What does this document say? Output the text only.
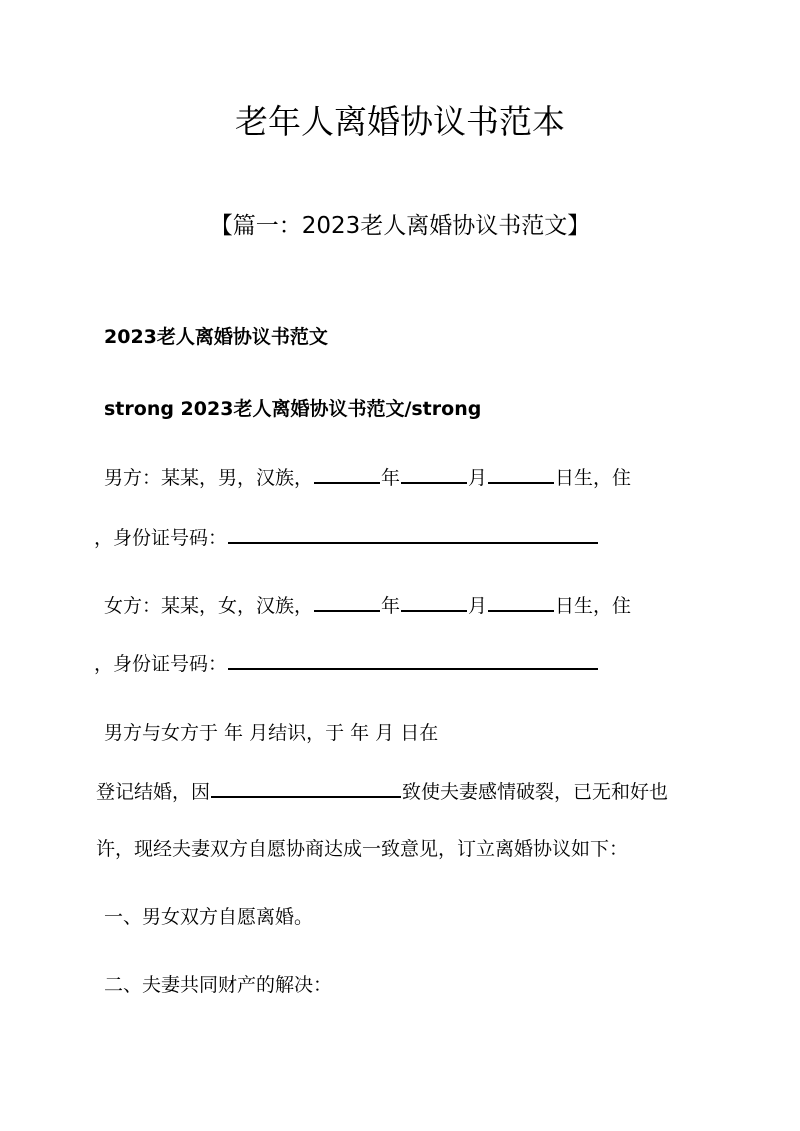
老年人离婚协议书范本
【篇一：2023老人离婚协议书范文】
2023老人离婚协议书范文
strong 2023老人离婚协议书范文/strong
男方：某某，男，汉族，	年	月	日生，住
，身份证号码：
女方：某某，女，汉族，	年	月	日生，住
，身份证号码：
男方与女方于 年 月结识，于 年 月 日在
登记结婚，因	致使夫妻感情破裂，已无和好也
许，现经夫妻双方自愿协商达成一致意见，订立离婚协议如下：
一、男女双方自愿离婚。
二、夫妻共同财产的解决：
